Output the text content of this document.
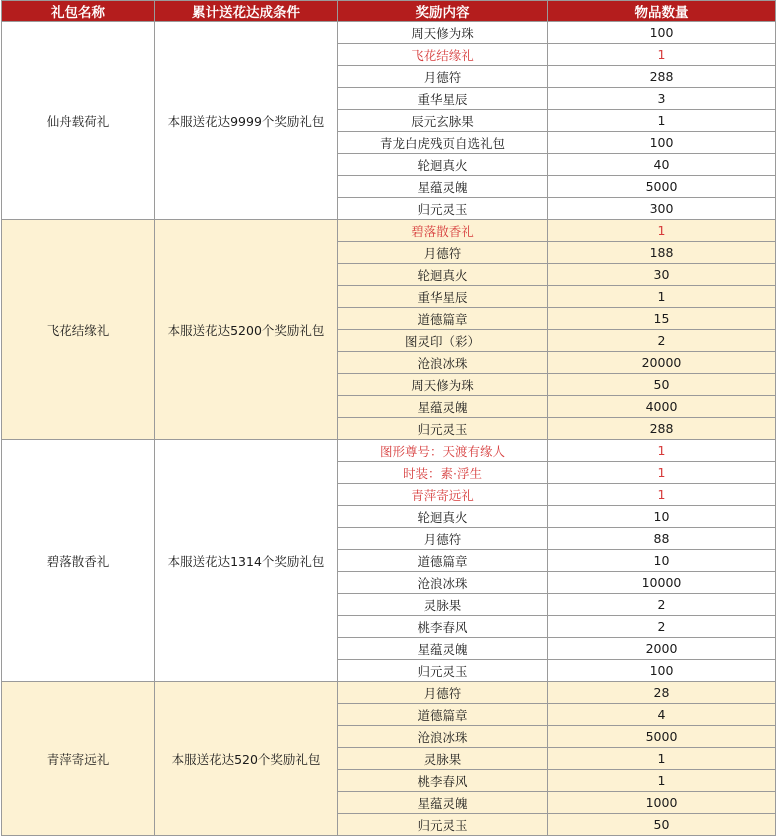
礼包名称	累计送花达成条件	奖励内容	物品数量
仙舟载荷礼	本服送花达9999个奖励礼包	周天修为珠	100
		飞花结缘礼	1
		月德符	288
		重华星辰	3
		辰元玄脉果	1
		青龙白虎残页自选礼包	100
		轮迴真火	40
		星蕴灵魄	5000
		归元灵玉	300
飞花结缘礼	本服送花达5200个奖励礼包	碧落散香礼	1
		月德符	188
		轮迴真火	30
		重华星辰	1
		道德篇章	15
		图灵印（彩）	2
		沧浪冰珠	20000
		周天修为珠	50
		星蕴灵魄	4000
		归元灵玉	288
碧落散香礼	本服送花达1314个奖励礼包	图形尊号：天渡有缘人	1
		时装：素·浮生	1
		青萍寄远礼	1
		轮迴真火	10
		月德符	88
		道德篇章	10
		沧浪冰珠	10000
		灵脉果	2
		桃李春风	2
		星蕴灵魄	2000
		归元灵玉	100
青萍寄远礼	本服送花达520个奖励礼包	月德符	28
		道德篇章	4
		沧浪冰珠	5000
		灵脉果	1
		桃李春风	1
		星蕴灵魄	1000
		归元灵玉	50
